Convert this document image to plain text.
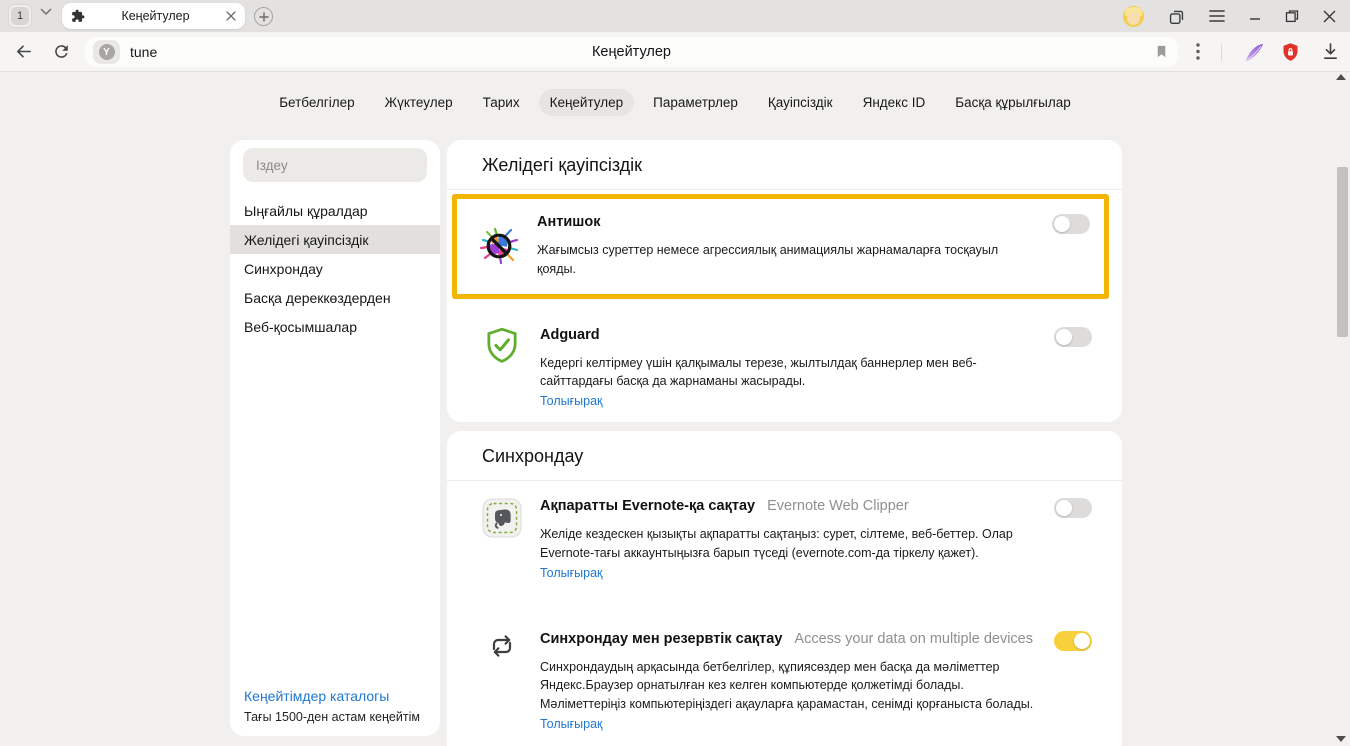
1	Кеңейтулер
Y	tune	Кеңейтулер
Бетбелгілер	Жүктеулер	Тарих	Кеңейтулер	Параметрлер	Қауіпсіздік	Яндекс ID	Басқа құрылғылар
Іздеу
Ыңғайлы құралдар
Желідегі қауіпсіздік
Синхрондау
Басқа дереккөздерден
Веб-қосымшалар
Кеңейтімдер каталогы
Тағы 1500-ден астам кеңейтім
Желідегі қауіпсіздік
Антишок
Жағымсыз суреттер немесе агрессиялық анимациялы жарнамаларға тосқауыл қояды.
Adguard
Кедергі келтірмеу үшін қалқымалы терезе, жылтылдақ баннерлер мен веб-сайттардағы басқа да жарнаманы жасырады.
Толығырақ
Синхрондау
Ақпаратты Evernote-қа сақтау Evernote Web Clipper
Желіде кездескен қызықты ақпаратты сақтаңыз: сурет, сілтеме, веб-беттер. Олар Evernote-тағы аккаунтыңызға барып түседі (evernote.com-да тіркелу қажет).
Толығырақ
Синхрондау мен резервтік сақтау Access your data on multiple devices
Синхрондаудың арқасында бетбелгілер, құпиясөздер мен басқа да мәліметтер Яндекс.Браузер орнатылған кез келген компьютерде қолжетімді болады. Мәліметтеріңіз компьютеріңіздегі ақауларға қарамастан, сенімді қорғаныста болады.
Толығырақ
